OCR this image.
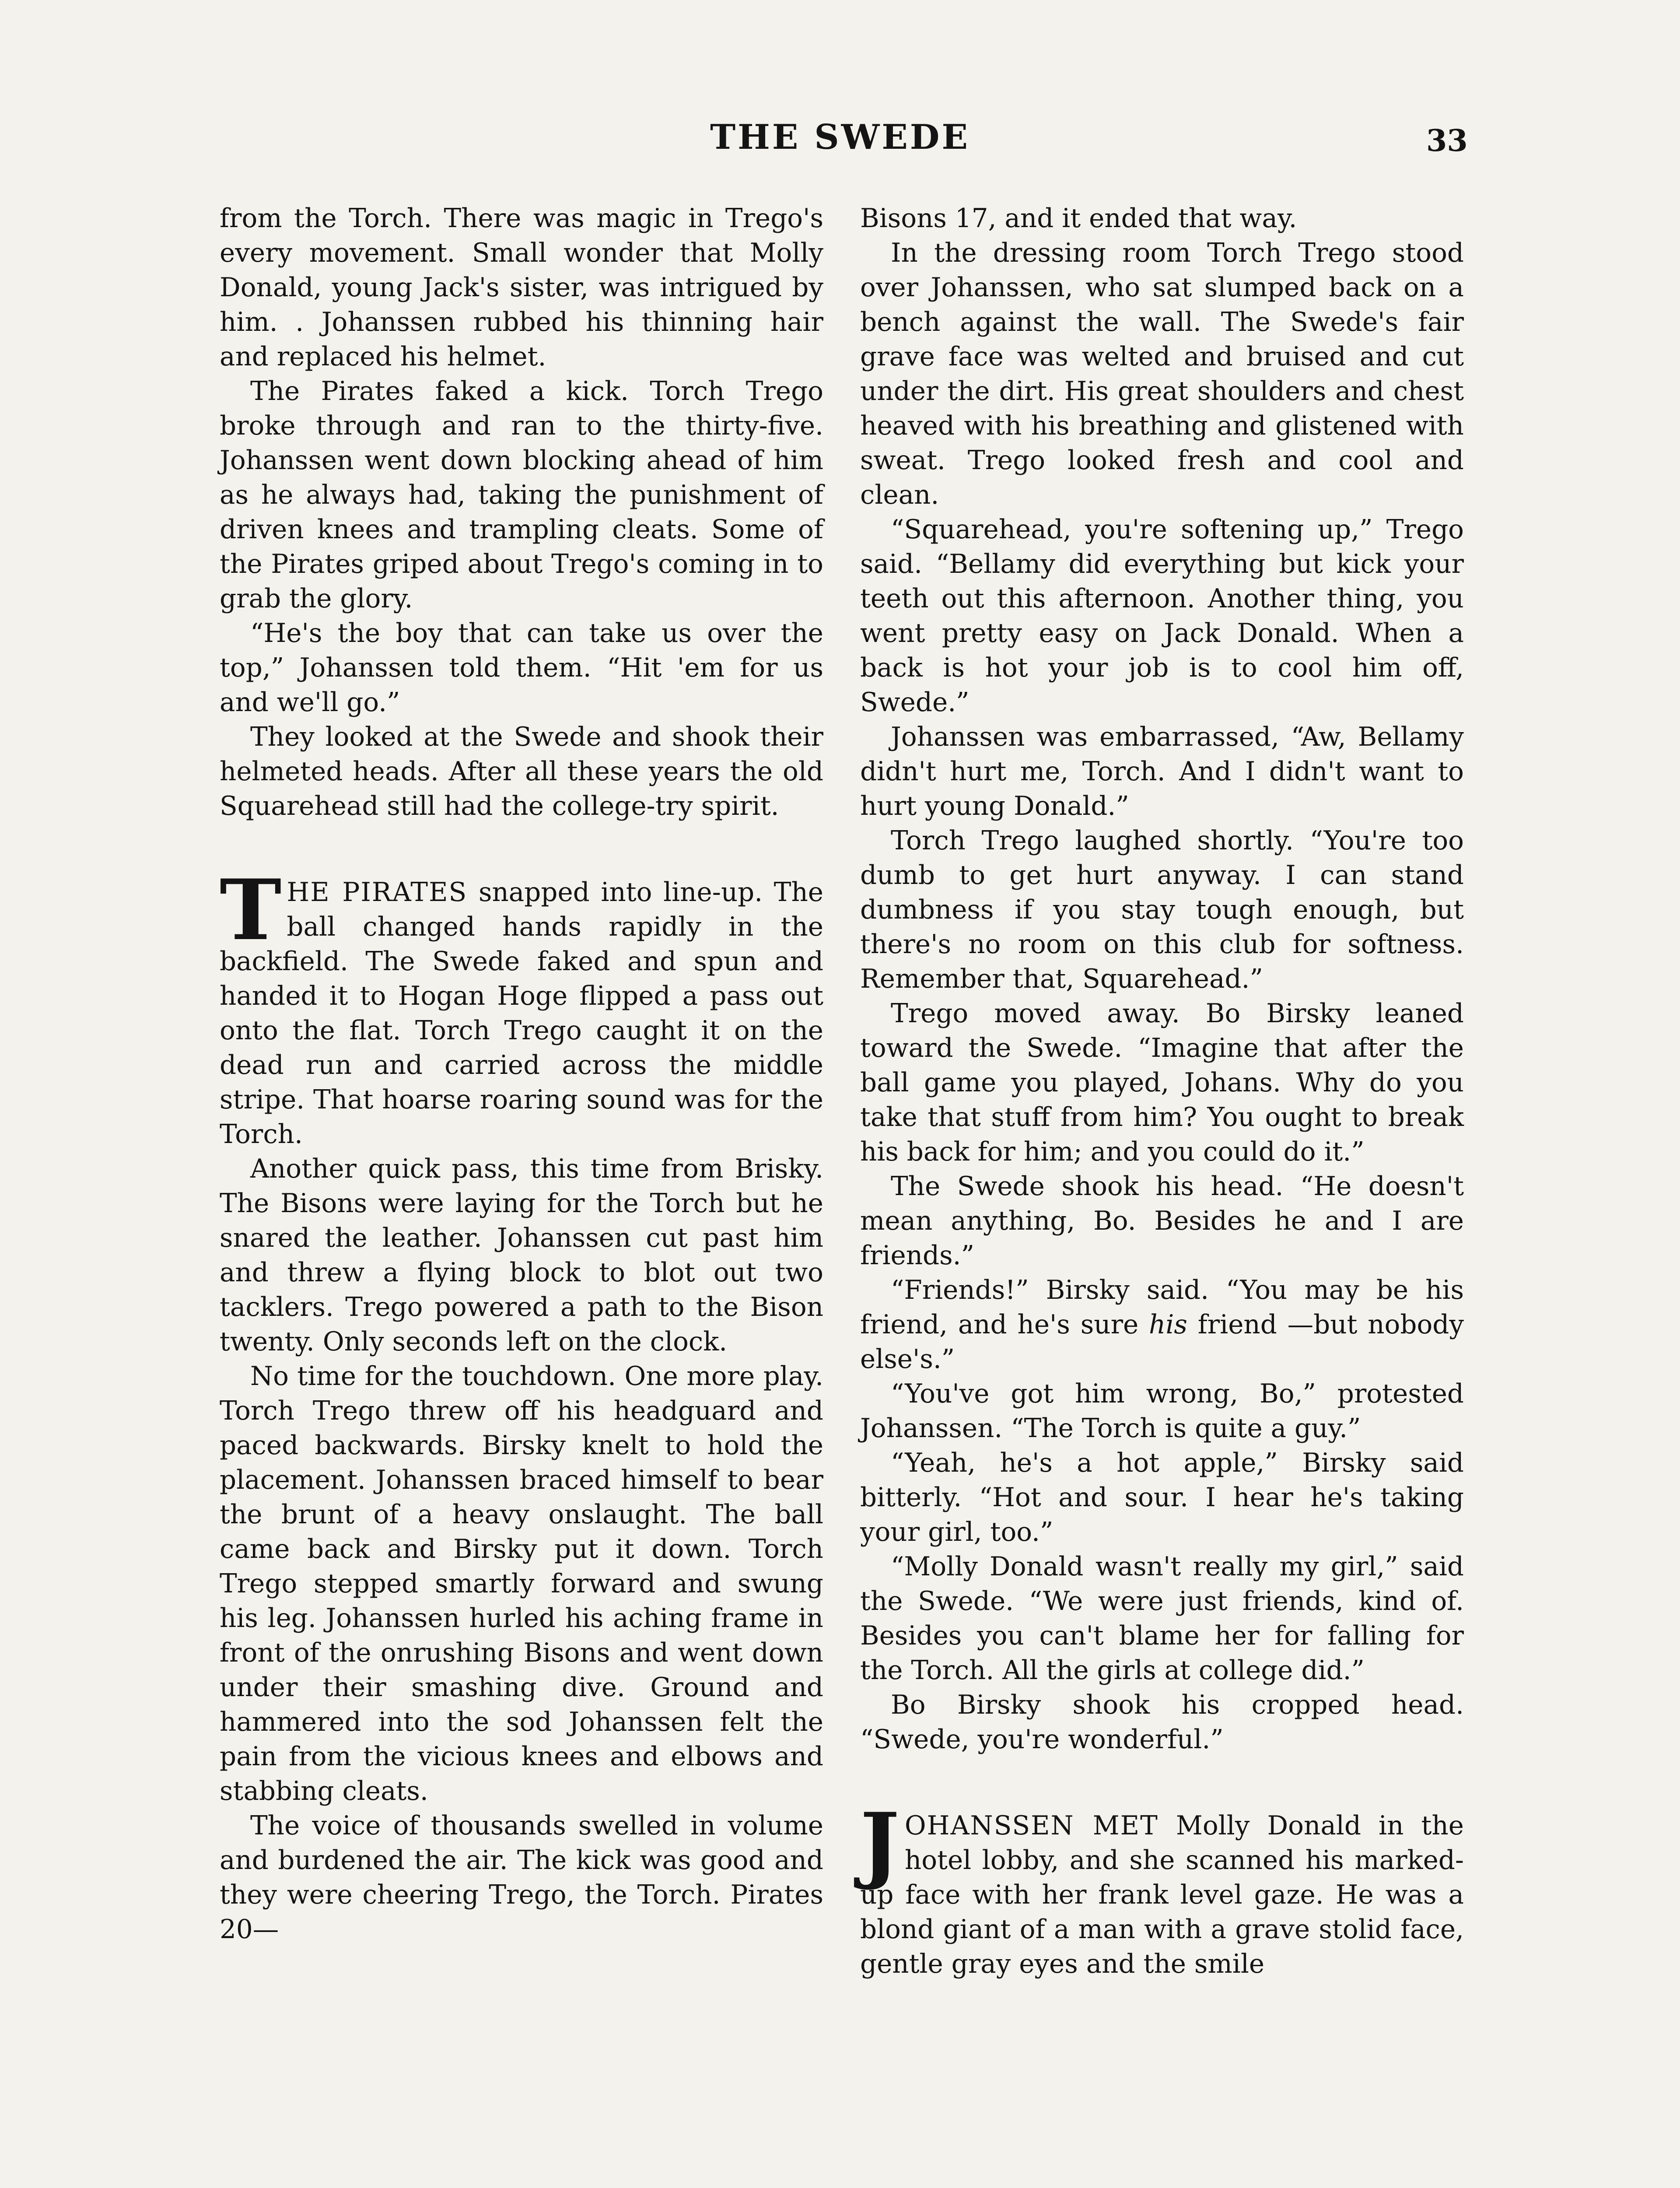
THE SWEDE	33

from the Torch. There was magic in Trego's every movement. Small wonder that Molly Donald, young Jack's sister, was intrigued by him. . Johanssen rubbed his thinning hair and replaced his helmet.

The Pirates faked a kick. Torch Trego broke through and ran to the thirty-five. Johanssen went down blocking ahead of him as he always had, taking the punishment of driven knees and trampling cleats. Some of the Pirates griped about Trego's coming in to grab the glory.

“He's the boy that can take us over the top,” Johanssen told them. “Hit 'em for us and we'll go.”

They looked at the Swede and shook their helmeted heads. After all these years the old Squarehead still had the college-try spirit.

THE PIRATES snapped into line-up. The ball changed hands rapidly in the backfield. The Swede faked and spun and handed it to Hogan Hoge flipped a pass out onto the flat. Torch Trego caught it on the dead run and carried across the middle stripe. That hoarse roaring sound was for the Torch.

Another quick pass, this time from Brisky. The Bisons were laying for the Torch but he snared the leather. Johanssen cut past him and threw a flying block to blot out two tacklers. Trego powered a path to the Bison twenty. Only seconds left on the clock.

No time for the touchdown. One more play. Torch Trego threw off his headguard and paced backwards. Birsky knelt to hold the placement. Johanssen braced himself to bear the brunt of a heavy onslaught. The ball came back and Birsky put it down. Torch Trego stepped smartly forward and swung his leg. Johanssen hurled his aching frame in front of the onrushing Bisons and went down under their smashing dive. Ground and hammered into the sod Johanssen felt the pain from the vicious knees and elbows and stabbing cleats.

The voice of thousands swelled in volume and burdened the air. The kick was good and they were cheering Trego, the Torch. Pirates 20—

Bisons 17, and it ended that way.

In the dressing room Torch Trego stood over Johanssen, who sat slumped back on a bench against the wall. The Swede's fair grave face was welted and bruised and cut under the dirt. His great shoulders and chest heaved with his breathing and glistened with sweat. Trego looked fresh and cool and clean.

“Squarehead, you're softening up,” Trego said. “Bellamy did everything but kick your teeth out this afternoon. Another thing, you went pretty easy on Jack Donald. When a back is hot your job is to cool him off, Swede.”

Johanssen was embarrassed, “Aw, Bellamy didn't hurt me, Torch. And I didn't want to hurt young Donald.”

Torch Trego laughed shortly. “You're too dumb to get hurt anyway. I can stand dumbness if you stay tough enough, but there's no room on this club for softness. Remember that, Squarehead.”

Trego moved away. Bo Birsky leaned toward the Swede. “Imagine that after the ball game you played, Johans. Why do you take that stuff from him? You ought to break his back for him; and you could do it.”

The Swede shook his head. “He doesn't mean anything, Bo. Besides he and I are friends.”

“Friends!” Birsky said. “You may be his friend, and he's sure his friend —but nobody else's.”

“You've got him wrong, Bo,” protested Johanssen. “The Torch is quite a guy.”

“Yeah, he's a hot apple,” Birsky said bitterly. “Hot and sour. I hear he's taking your girl, too.”

“Molly Donald wasn't really my girl,” said the Swede. “We were just friends, kind of. Besides you can't blame her for falling for the Torch. All the girls at college did.”

Bo Birsky shook his cropped head. “Swede, you're wonderful.”

JOHANSSEN MET Molly Donald in the hotel lobby, and she scanned his marked-up face with her frank level gaze. He was a blond giant of a man with a grave stolid face, gentle gray eyes and the smile
